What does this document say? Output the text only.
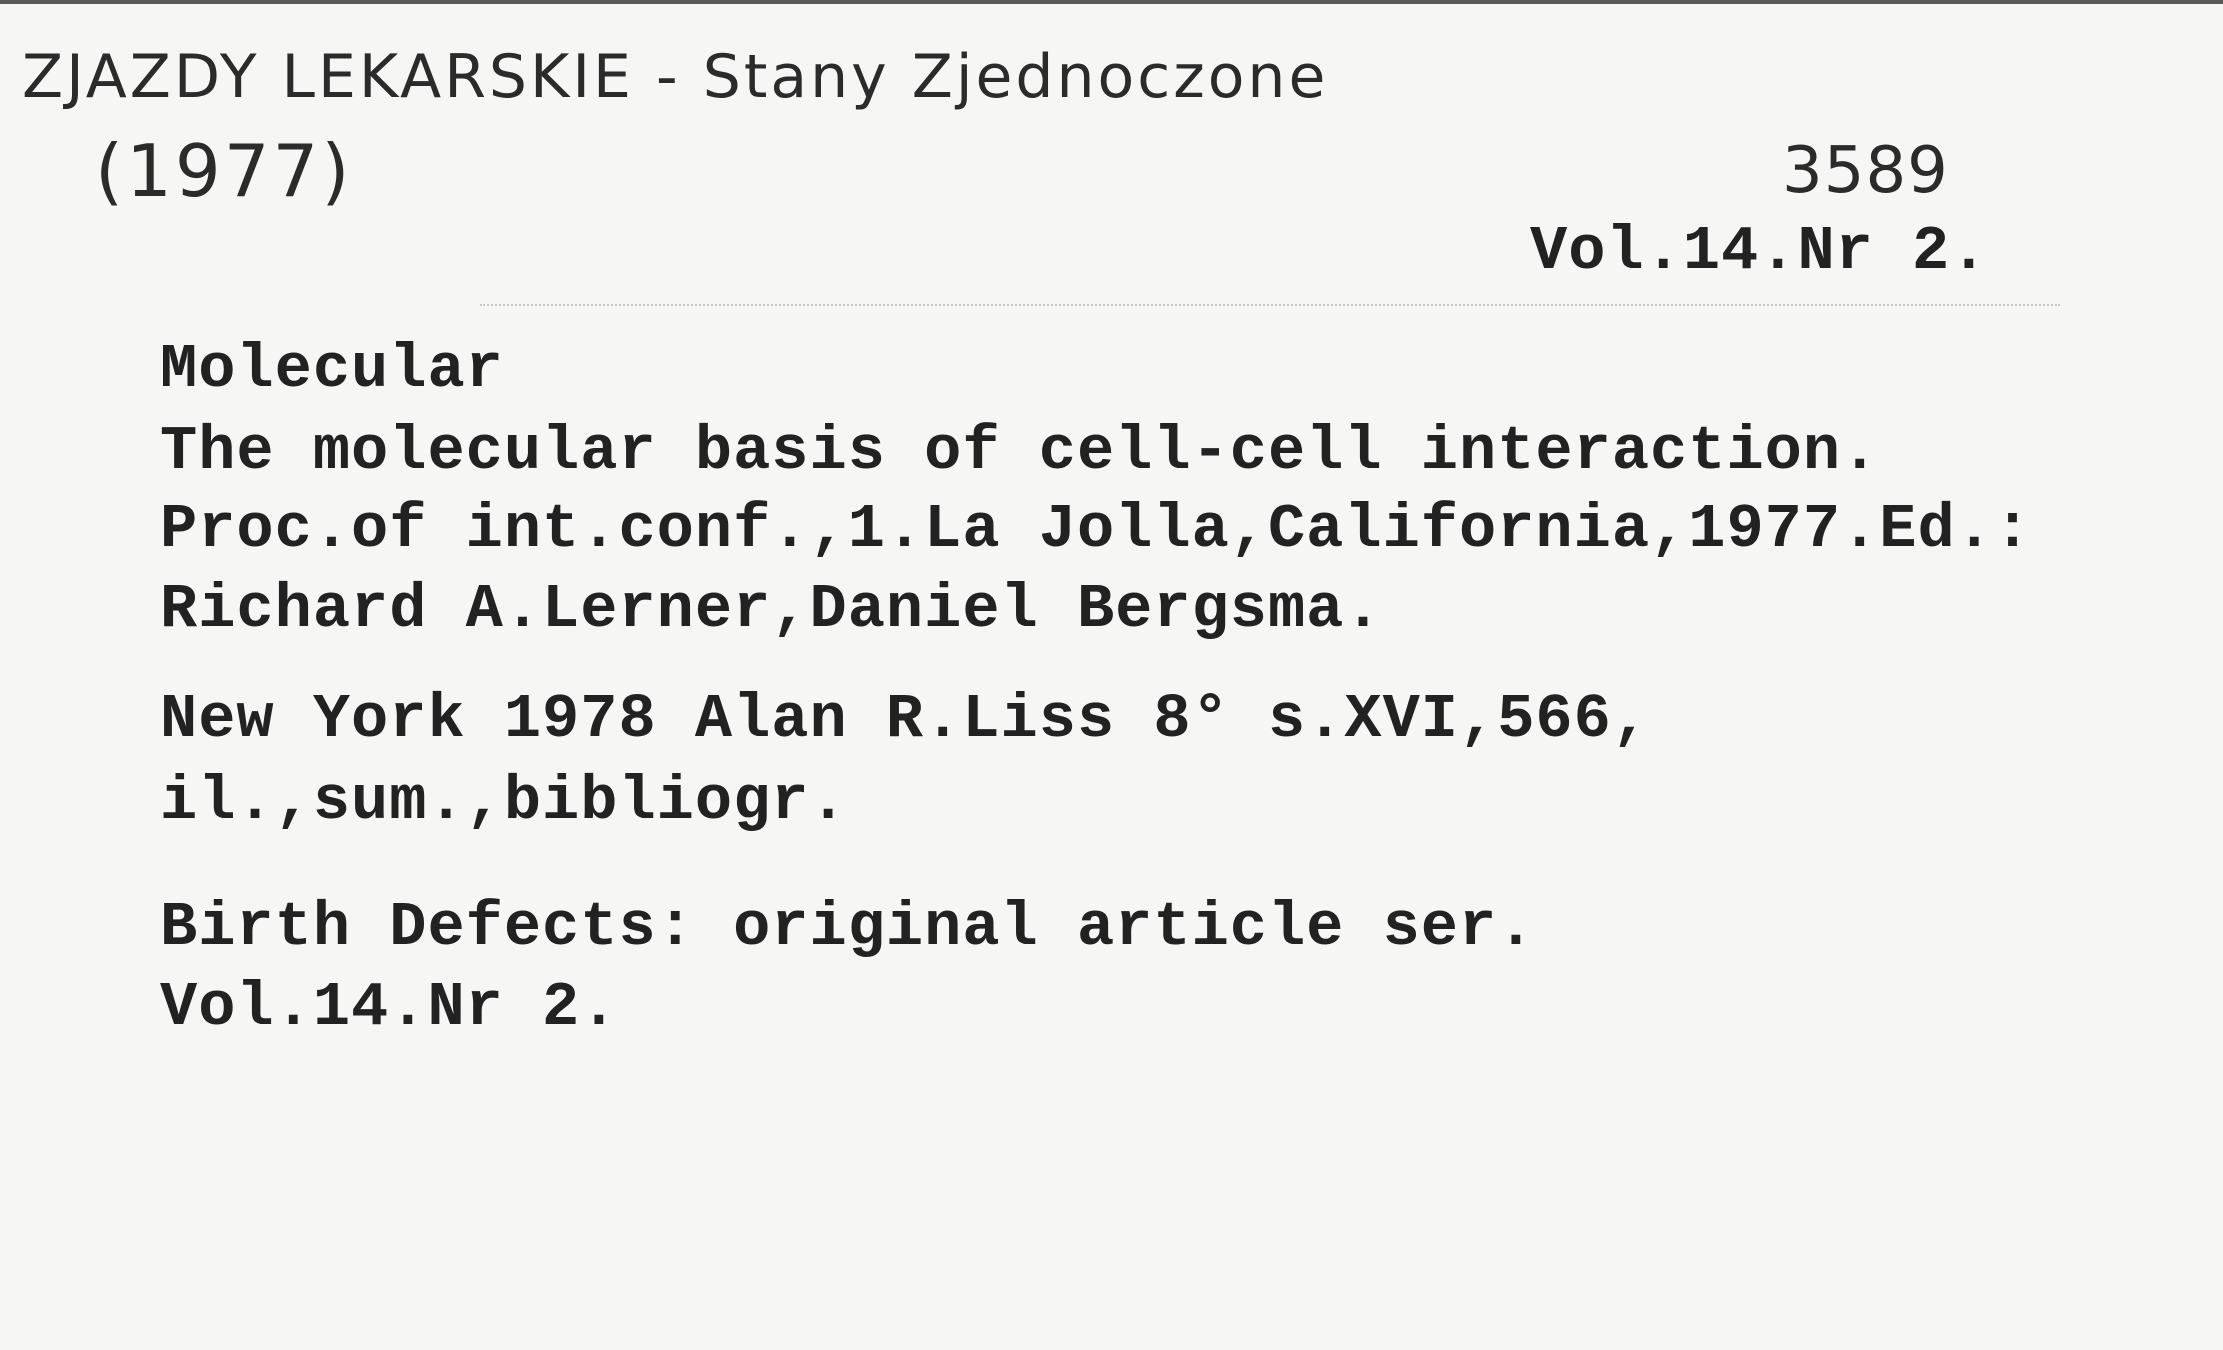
ZJAZDY LEKARSKIE - Stany Zjednoczone
(1977)	3589
Vol.14.Nr 2.
Molecular
The molecular basis of cell-cell interaction.
Proc.of int.conf.,1.La Jolla,California,1977.Ed.:
Richard A.Lerner,Daniel Bergsma.
New York 1978 Alan R.Liss 8° s.XVI,566,
il.,sum.,bibliogr.
Birth Defects: original article ser.
Vol.14.Nr 2.
